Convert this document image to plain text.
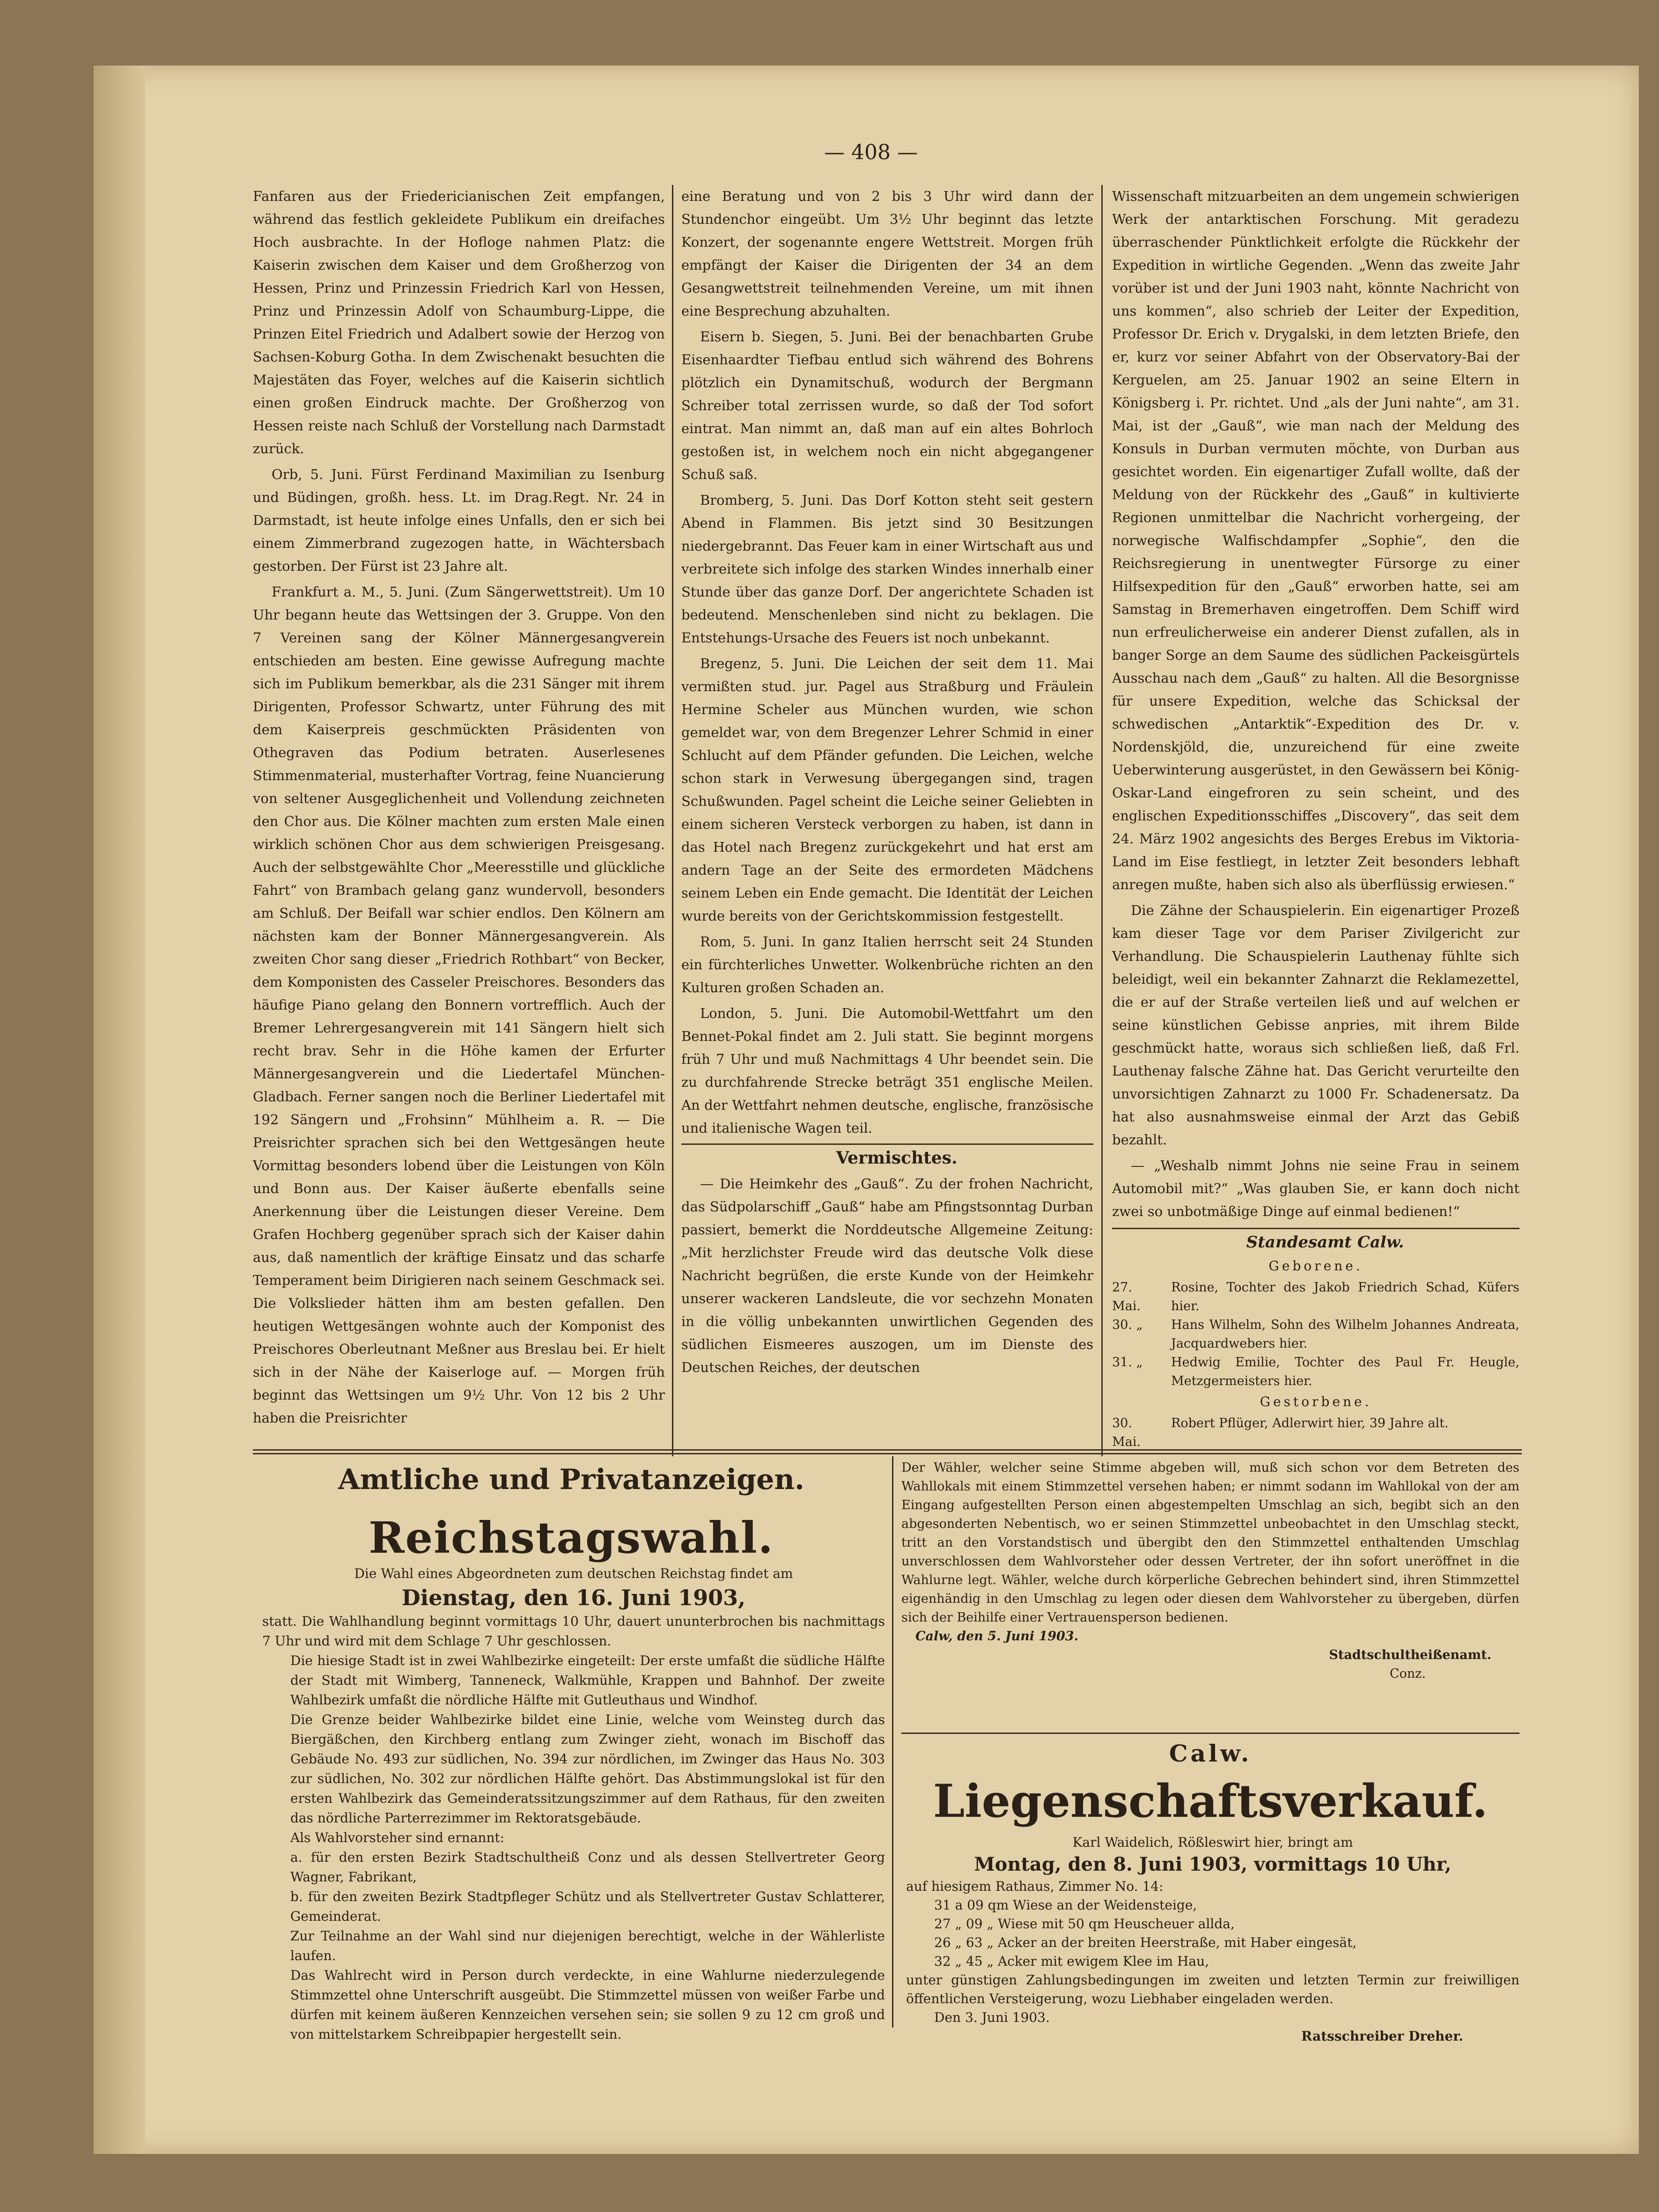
— 408 —

Fanfaren aus der Friedericianischen Zeit empfangen, während das festlich gekleidete Publikum ein dreifaches Hoch ausbrachte. In der Hofloge nahmen Platz: die Kaiserin zwischen dem Kaiser und dem Großherzog von Hessen, Prinz und Prinzessin Friedrich Karl von Hessen, Prinz und Prinzessin Adolf von Schaumburg-Lippe, die Prinzen Eitel Friedrich und Adalbert sowie der Herzog von Sachsen-Koburg Gotha. In dem Zwischenakt besuchten die Majestäten das Foyer, welches auf die Kaiserin sichtlich einen großen Eindruck machte. Der Großherzog von Hessen reiste nach Schluß der Vorstellung nach Darmstadt zurück.

Orb, 5. Juni. Fürst Ferdinand Maximilian zu Isenburg und Büdingen, großh. hess. Lt. im Drag.Regt. Nr. 24 in Darmstadt, ist heute infolge eines Unfalls, den er sich bei einem Zimmerbrand zugezogen hatte, in Wächtersbach gestorben. Der Fürst ist 23 Jahre alt.

Frankfurt a. M., 5. Juni. (Zum Sängerwettstreit). Um 10 Uhr begann heute das Wettsingen der 3. Gruppe. Von den 7 Vereinen sang der Kölner Männergesangverein entschieden am besten. Eine gewisse Aufregung machte sich im Publikum bemerkbar, als die 231 Sänger mit ihrem Dirigenten, Professor Schwartz, unter Führung des mit dem Kaiserpreis geschmückten Präsidenten von Othegraven das Podium betraten. Auserlesenes Stimmenmaterial, musterhafter Vortrag, feine Nuancierung von seltener Ausgeglichenheit und Vollendung zeichneten den Chor aus. Die Kölner machten zum ersten Male einen wirklich schönen Chor aus dem schwierigen Preisgesang. Auch der selbstgewählte Chor „Meeresstille und glückliche Fahrt“ von Brambach gelang ganz wundervoll, besonders am Schluß. Der Beifall war schier endlos. Den Kölnern am nächsten kam der Bonner Männergesangverein. Als zweiten Chor sang dieser „Friedrich Rothbart“ von Becker, dem Komponisten des Casseler Preischores. Besonders das häufige Piano gelang den Bonnern vortrefflich. Auch der Bremer Lehrergesangverein mit 141 Sängern hielt sich recht brav. Sehr in die Höhe kamen der Erfurter Männergesangverein und die Liedertafel München-Gladbach. Ferner sangen noch die Berliner Liedertafel mit 192 Sängern und „Frohsinn“ Mühlheim a. R. — Die Preisrichter sprachen sich bei den Wettgesängen heute Vormittag besonders lobend über die Leistungen von Köln und Bonn aus. Der Kaiser äußerte ebenfalls seine Anerkennung über die Leistungen dieser Vereine. Dem Grafen Hochberg gegenüber sprach sich der Kaiser dahin aus, daß namentlich der kräftige Einsatz und das scharfe Temperament beim Dirigieren nach seinem Geschmack sei. Die Volkslieder hätten ihm am besten gefallen. Den heutigen Wettgesängen wohnte auch der Komponist des Preischores Oberleutnant Meßner aus Breslau bei. Er hielt sich in der Nähe der Kaiserloge auf. — Morgen früh beginnt das Wettsingen um 9½ Uhr. Von 12 bis 2 Uhr haben die Preisrichter

eine Beratung und von 2 bis 3 Uhr wird dann der Stundenchor eingeübt. Um 3½ Uhr beginnt das letzte Konzert, der sogenannte engere Wettstreit. Morgen früh empfängt der Kaiser die Dirigenten der 34 an dem Gesangwettstreit teilnehmenden Vereine, um mit ihnen eine Besprechung abzuhalten.

Eisern b. Siegen, 5. Juni. Bei der benachbarten Grube Eisenhaardter Tiefbau entlud sich während des Bohrens plötzlich ein Dynamitschuß, wodurch der Bergmann Schreiber total zerrissen wurde, so daß der Tod sofort eintrat. Man nimmt an, daß man auf ein altes Bohrloch gestoßen ist, in welchem noch ein nicht abgegangener Schuß saß.

Bromberg, 5. Juni. Das Dorf Kotton steht seit gestern Abend in Flammen. Bis jetzt sind 30 Besitzungen niedergebrannt. Das Feuer kam in einer Wirtschaft aus und verbreitete sich infolge des starken Windes innerhalb einer Stunde über das ganze Dorf. Der angerichtete Schaden ist bedeutend. Menschenleben sind nicht zu beklagen. Die Entstehungs-Ursache des Feuers ist noch unbekannt.

Bregenz, 5. Juni. Die Leichen der seit dem 11. Mai vermißten stud. jur. Pagel aus Straßburg und Fräulein Hermine Scheler aus München wurden, wie schon gemeldet war, von dem Bregenzer Lehrer Schmid in einer Schlucht auf dem Pfänder gefunden. Die Leichen, welche schon stark in Verwesung übergegangen sind, tragen Schußwunden. Pagel scheint die Leiche seiner Geliebten in einem sicheren Versteck verborgen zu haben, ist dann in das Hotel nach Bregenz zurückgekehrt und hat erst am andern Tage an der Seite des ermordeten Mädchens seinem Leben ein Ende gemacht. Die Identität der Leichen wurde bereits von der Gerichtskommission festgestellt.

Rom, 5. Juni. In ganz Italien herrscht seit 24 Stunden ein fürchterliches Unwetter. Wolkenbrüche richten an den Kulturen großen Schaden an.

London, 5. Juni. Die Automobil-Wettfahrt um den Bennet-Pokal findet am 2. Juli statt. Sie beginnt morgens früh 7 Uhr und muß Nachmittags 4 Uhr beendet sein. Die zu durchfahrende Strecke beträgt 351 englische Meilen. An der Wettfahrt nehmen deutsche, englische, französische und italienische Wagen teil.

Vermischtes.

— Die Heimkehr des „Gauß“. Zu der frohen Nachricht, das Südpolarschiff „Gauß“ habe am Pfingstsonntag Durban passiert, bemerkt die Norddeutsche Allgemeine Zeitung: „Mit herzlichster Freude wird das deutsche Volk diese Nachricht begrüßen, die erste Kunde von der Heimkehr unserer wackeren Landsleute, die vor sechzehn Monaten in die völlig unbekannten unwirtlichen Gegenden des südlichen Eismeeres auszogen, um im Dienste des Deutschen Reiches, der deutschen

Wissenschaft mitzuarbeiten an dem ungemein schwierigen Werk der antarktischen Forschung. Mit geradezu überraschender Pünktlichkeit erfolgte die Rückkehr der Expedition in wirtliche Gegenden. „Wenn das zweite Jahr vorüber ist und der Juni 1903 naht, könnte Nachricht von uns kommen“, also schrieb der Leiter der Expedition, Professor Dr. Erich v. Drygalski, in dem letzten Briefe, den er, kurz vor seiner Abfahrt von der Observatory-Bai der Kerguelen, am 25. Januar 1902 an seine Eltern in Königsberg i. Pr. richtet. Und „als der Juni nahte“, am 31. Mai, ist der „Gauß“, wie man nach der Meldung des Konsuls in Durban vermuten möchte, von Durban aus gesichtet worden. Ein eigenartiger Zufall wollte, daß der Meldung von der Rückkehr des „Gauß“ in kultivierte Regionen unmittelbar die Nachricht vorhergeing, der norwegische Walfischdampfer „Sophie“, den die Reichsregierung in unentwegter Fürsorge zu einer Hilfsexpedition für den „Gauß“ erworben hatte, sei am Samstag in Bremerhaven eingetroffen. Dem Schiff wird nun erfreulicherweise ein anderer Dienst zufallen, als in banger Sorge an dem Saume des südlichen Packeisgürtels Ausschau nach dem „Gauß“ zu halten. All die Besorgnisse für unsere Expedition, welche das Schicksal der schwedischen „Antarktik“-Expedition des Dr. v. Nordenskjöld, die, unzureichend für eine zweite Ueberwinterung ausgerüstet, in den Gewässern bei König-Oskar-Land eingefroren zu sein scheint, und des englischen Expeditionsschiffes „Discovery“, das seit dem 24. März 1902 angesichts des Berges Erebus im Viktoria-Land im Eise festliegt, in letzter Zeit besonders lebhaft anregen mußte, haben sich also als überflüssig erwiesen.“

Die Zähne der Schauspielerin. Ein eigenartiger Prozeß kam dieser Tage vor dem Pariser Zivilgericht zur Verhandlung. Die Schauspielerin Lauthenay fühlte sich beleidigt, weil ein bekannter Zahnarzt die Reklamezettel, die er auf der Straße verteilen ließ und auf welchen er seine künstlichen Gebisse anpries, mit ihrem Bilde geschmückt hatte, woraus sich schließen ließ, daß Frl. Lauthenay falsche Zähne hat. Das Gericht verurteilte den unvorsichtigen Zahnarzt zu 1000 Fr. Schadenersatz. Da hat also ausnahmsweise einmal der Arzt das Gebiß bezahlt.

— „Weshalb nimmt Johns nie seine Frau in seinem Automobil mit?“ „Was glauben Sie, er kann doch nicht zwei so unbotmäßige Dinge auf einmal bedienen!“

Standesamt Calw.

Geborene.

27. Mai.
Rosine, Tochter des Jakob Friedrich Schad, Küfers hier.
30. „	Hans Wilhelm, Sohn des Wilhelm Johannes Andreata, Jacquardwebers hier.
31. „	Hedwig Emilie, Tochter des Paul Fr. Heugle, Metzgermeisters hier.

Gestorbene.

30. Mai.
Robert Pflüger, Adlerwirt hier, 39 Jahre alt.
Amtliche und Privatanzeigen.
Reichstagswahl.

Die Wahl eines Abgeordneten zum deutschen Reichstag findet am

Dienstag, den 16. Juni 1903,

statt. Die Wahlhandlung beginnt vormittags 10 Uhr, dauert ununterbrochen bis nachmittags 7 Uhr und wird mit dem Schlage 7 Uhr geschlossen.

Die hiesige Stadt ist in zwei Wahlbezirke eingeteilt: Der erste umfaßt die südliche Hälfte der Stadt mit Wimberg, Tanneneck, Walkmühle, Krappen und Bahnhof. Der zweite Wahlbezirk umfaßt die nördliche Hälfte mit Gutleuthaus und Windhof.

Die Grenze beider Wahlbezirke bildet eine Linie, welche vom Weinsteg durch das Biergäßchen, den Kirchberg entlang zum Zwinger zieht, wonach im Bischoff das Gebäude No. 493 zur südlichen, No. 394 zur nördlichen, im Zwinger das Haus No. 303 zur südlichen, No. 302 zur nördlichen Hälfte gehört. Das Abstimmungslokal ist für den ersten Wahlbezirk das Gemeinderatssitzungszimmer auf dem Rathaus, für den zweiten das nördliche Parterrezimmer im Rektoratsgebäude.

Als Wahlvorsteher sind ernannt:

a. für den ersten Bezirk Stadtschultheiß Conz und als dessen Stellvertreter Georg Wagner, Fabrikant,

b. für den zweiten Bezirk Stadtpfleger Schütz und als Stellvertreter Gustav Schlatterer, Gemeinderat.

Zur Teilnahme an der Wahl sind nur diejenigen berechtigt, welche in der Wählerliste laufen.

Das Wahlrecht wird in Person durch verdeckte, in eine Wahlurne niederzulegende Stimmzettel ohne Unterschrift ausgeübt. Die Stimmzettel müssen von weißer Farbe und dürfen mit keinem äußeren Kennzeichen versehen sein; sie sollen 9 zu 12 cm groß und von mittelstarkem Schreibpapier hergestellt sein.

Der Wähler, welcher seine Stimme abgeben will, muß sich schon vor dem Betreten des Wahllokals mit einem Stimmzettel versehen haben; er nimmt sodann im Wahllokal von der am Eingang aufgestellten Person einen abgestempelten Umschlag an sich, begibt sich an den abgesonderten Nebentisch, wo er seinen Stimmzettel unbeobachtet in den Umschlag steckt, tritt an den Vorstandstisch und übergibt den den Stimmzettel enthaltenden Umschlag unverschlossen dem Wahlvorsteher oder dessen Vertreter, der ihn sofort uneröffnet in die Wahlurne legt. Wähler, welche durch körperliche Gebrechen behindert sind, ihren Stimmzettel eigenhändig in den Umschlag zu legen oder diesen dem Wahlvorsteher zu übergeben, dürfen sich der Beihilfe einer Vertrauensperson bedienen.

Calw, den 5. Juni 1903.

Stadtschultheißenamt.

Conz.

Calw.
Liegenschaftsverkauf.

Karl Waidelich, Rößleswirt hier, bringt am

Montag, den 8. Juni 1903, vormittags 10 Uhr,

auf hiesigem Rathaus, Zimmer No. 14:

31 a 09 qm Wiese an der Weidensteige,

27 „ 09 „ Wiese mit 50 qm Heuscheuer allda,

26 „ 63 „ Acker an der breiten Heerstraße, mit Haber eingesät,

32 „ 45 „ Acker mit ewigem Klee im Hau,

unter günstigen Zahlungsbedingungen im zweiten und letzten Termin zur freiwilligen öffentlichen Versteigerung, wozu Liebhaber eingeladen werden.

Den 3. Juni 1903.

Ratsschreiber Dreher.
